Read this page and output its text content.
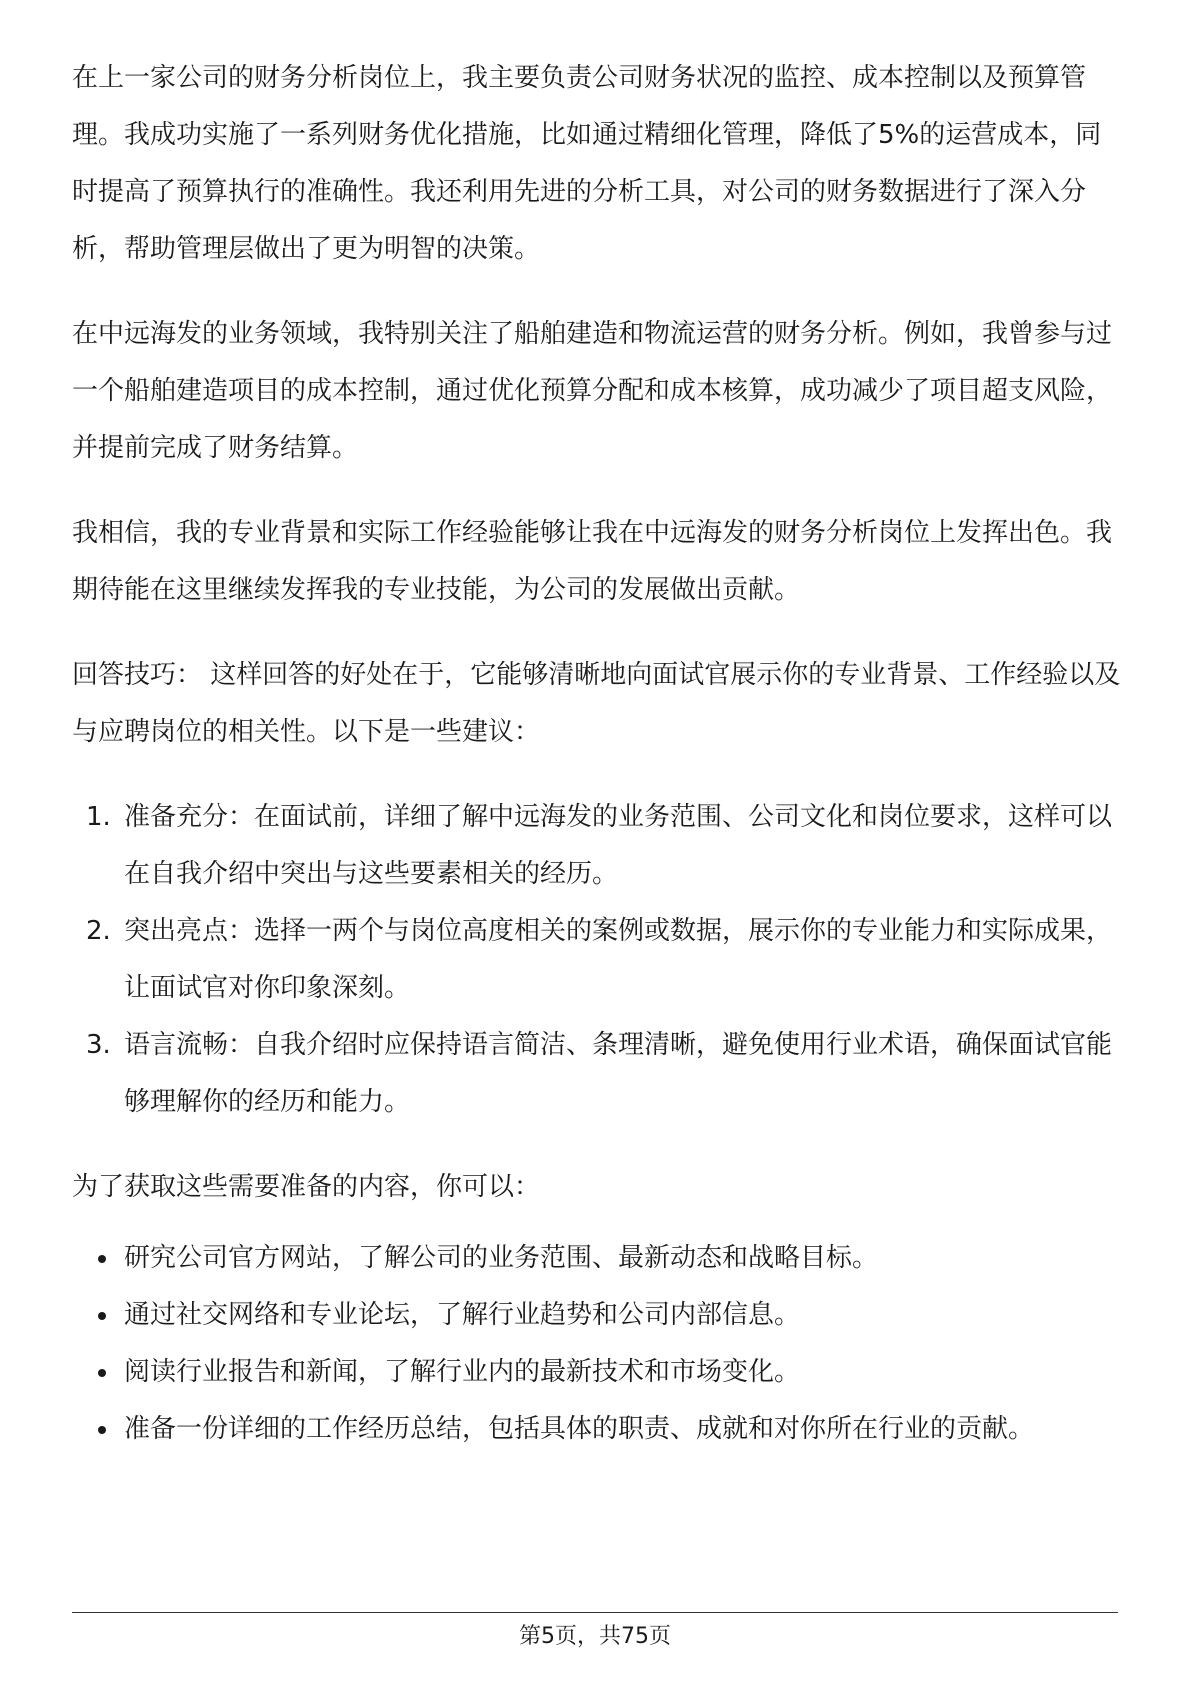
在上一家公司的财务分析岗位上，我主要负责公司财务状况的监控、成本控制以及预算管理。我成功实施了一系列财务优化措施，比如通过精细化管理，降低了5%的运营成本，同时提高了预算执行的准确性。我还利用先进的分析工具，对公司的财务数据进行了深入分析，帮助管理层做出了更为明智的决策。

在中远海发的业务领域，我特别关注了船舶建造和物流运营的财务分析。例如，我曾参与过一个船舶建造项目的成本控制，通过优化预算分配和成本核算，成功减少了项目超支风险，并提前完成了财务结算。

我相信，我的专业背景和实际工作经验能够让我在中远海发的财务分析岗位上发挥出色。我期待能在这里继续发挥我的专业技能，为公司的发展做出贡献。

回答技巧： 这样回答的好处在于，它能够清晰地向面试官展示你的专业背景、工作经验以及与应聘岗位的相关性。以下是一些建议：

1. 准备充分：在面试前，详细了解中远海发的业务范围、公司文化和岗位要求，这样可以在自我介绍中突出与这些要素相关的经历。
2. 突出亮点：选择一两个与岗位高度相关的案例或数据，展示你的专业能力和实际成果，让面试官对你印象深刻。
3. 语言流畅：自我介绍时应保持语言简洁、条理清晰，避免使用行业术语，确保面试官能够理解你的经历和能力。

为了获取这些需要准备的内容，你可以：

研究公司官方网站，了解公司的业务范围、最新动态和战略目标。
通过社交网络和专业论坛，了解行业趋势和公司内部信息。
阅读行业报告和新闻，了解行业内的最新技术和市场变化。
准备一份详细的工作经历总结，包括具体的职责、成就和对你所在行业的贡献。
第5页，共75页
